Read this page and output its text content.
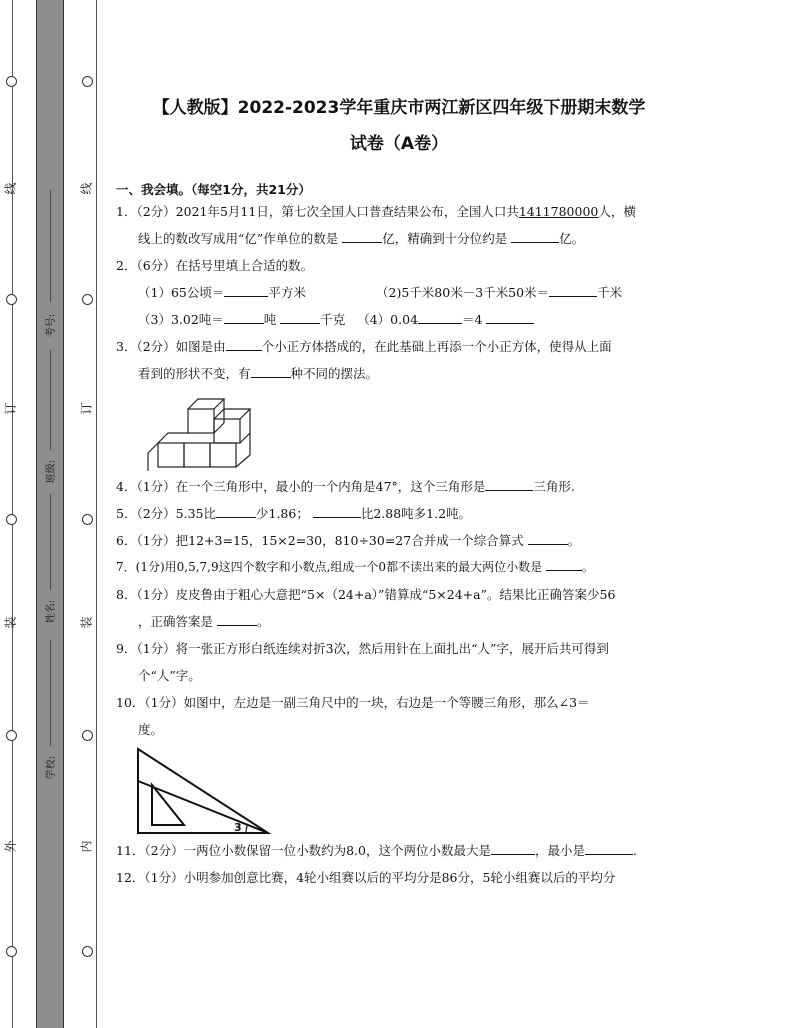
线
订
装
外
线
订
装
内
考号:
班级:
姓名:
学校:
【人教版】2022-2023学年重庆市两江新区四年级下册期末数学
试卷（A卷）
一、我会填。（每空1分，共21分）
1．（2分）2021年5月11日，第七次全国人口普查结果公布，全国人口共1411780000人，横
线上的数改写成用“亿”作单位的数是	亿，精确到十分位约是	亿。
2．（6分）在括号里填上合适的数。
（1）65公顷＝	平方米	（2)5千米80米－3千米50米＝	千米
（3）3.02吨＝	吨	千克 （4）0.04	＝4
3．（2分）如图是由	个小正方体搭成的，在此基础上再添一个小正方体，使得从上面
看到的形状不变，有	种不同的摆法。
4．（1分）在一个三角形中，最小的一个内角是47°，这个三角形是	三角形.
5．（2分）5.35比	少1.86；	比2.88吨多1.2吨。
6．（1分）把12+3=15，15×2=30，810÷30=27合并成一个综合算式	。
7．(1分)用0,5,7,9这四个数字和小数点,组成一个0都不读出来的最大两位小数是	。
8．（1分）皮皮鲁由于粗心大意把“5×（24+a）”错算成“5×24+a”。结果比正确答案少56
，正确答案是	。
9．（1分）将一张正方形白纸连续对折3次，然后用针在上面扎出“人”字，展开后共可得到
个“人”字。
10．（1分）如图中，左边是一副三角尺中的一块，右边是一个等腰三角形，那么∠3＝
度。
3
11．（2分）一两位小数保留一位小数约为8.0，这个两位小数最大是	，最小是	.
12．（1分）小明参加创意比赛，4轮小组赛以后的平均分是86分，5轮小组赛以后的平均分
